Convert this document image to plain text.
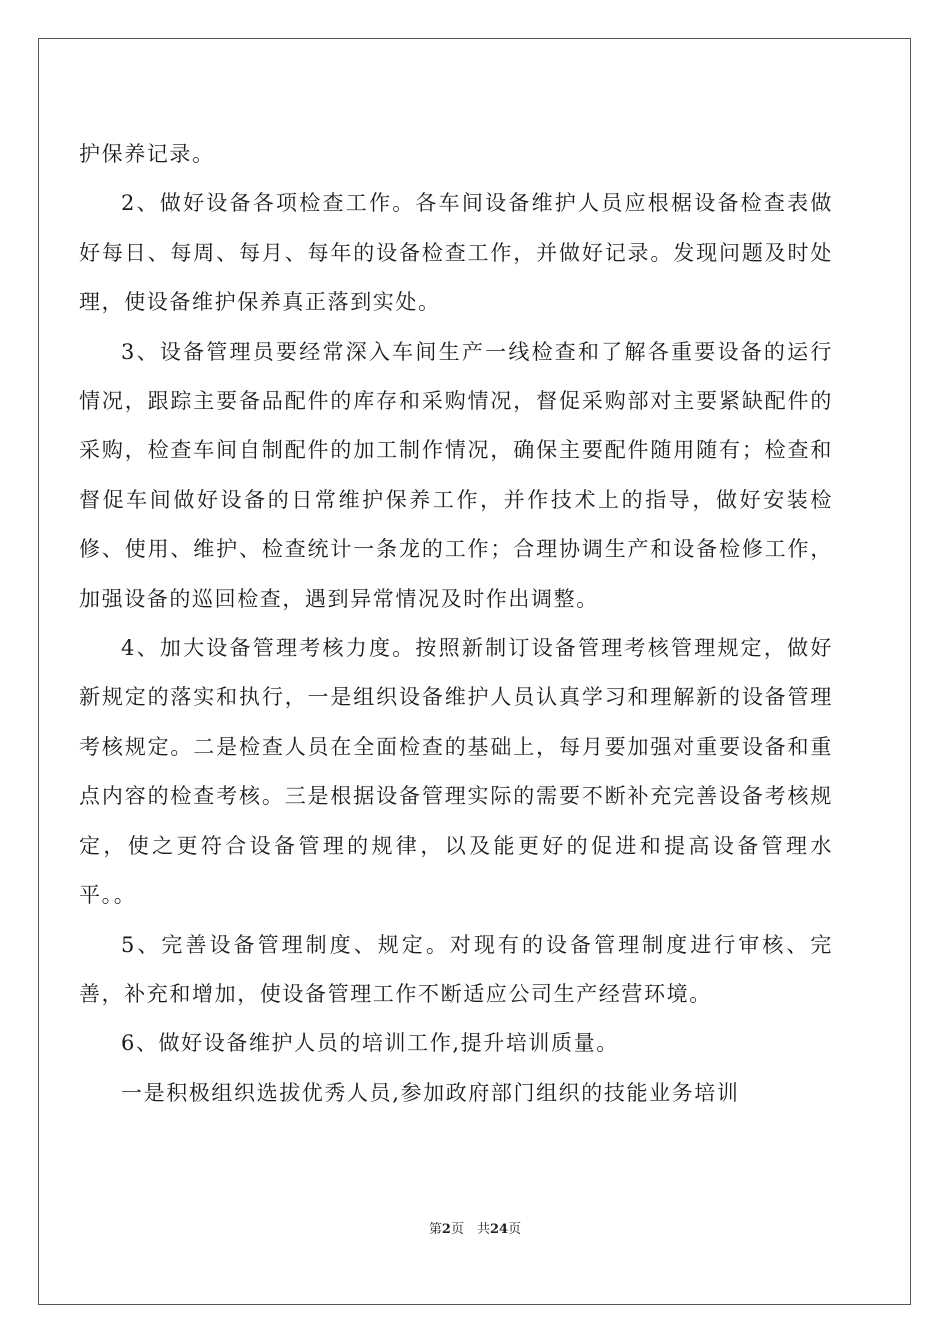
护保养记录。

2、做好设备各项检查工作。各车间设备维护人员应根椐设备检查表做好每日、每周、每月、每年的设备检查工作，并做好记录。发现问题及时处理，使设备维护保养真正落到实处。

3、设备管理员要经常深入车间生产一线检查和了解各重要设备的运行情况，跟踪主要备品配件的库存和采购情况，督促采购部对主要紧缺配件的采购，检查车间自制配件的加工制作情况，确保主要配件随用随有；检查和督促车间做好设备的日常维护保养工作，并作技术上的指导，做好安装检修、使用、维护、检查统计一条龙的工作；合理协调生产和设备检修工作，加强设备的巡回检查，遇到异常情况及时作出调整。

4、加大设备管理考核力度。按照新制订设备管理考核管理规定，做好新规定的落实和执行，一是组织设备维护人员认真学习和理解新的设备管理考核规定。二是检查人员在全面检查的基础上，每月要加强对重要设备和重点内容的检查考核。三是根据设备管理实际的需要不断补充完善设备考核规定，使之更符合设备管理的规律，以及能更好的促进和提高设备管理水平。。

5、完善设备管理制度、规定。对现有的设备管理制度进行审核、完善，补充和增加，使设备管理工作不断适应公司生产经营环境。

6、做好设备维护人员的培训工作,提升培训质量。

一是积极组织选拔优秀人员,参加政府部门组织的技能业务培训

第2页　共24页
